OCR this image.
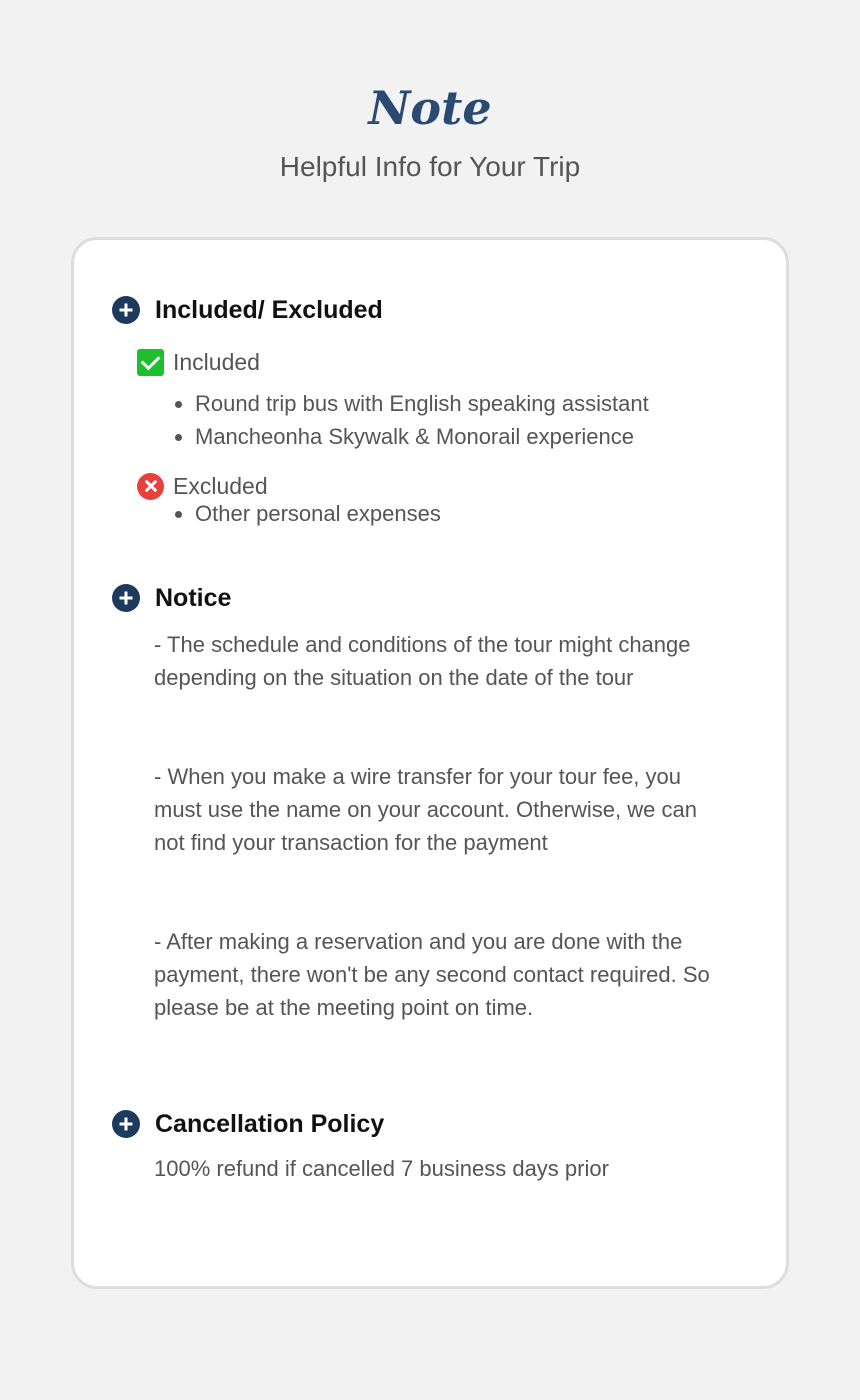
Note
Helpful Info for Your Trip
Included/ Excluded
Included
Round trip bus with English speaking assistant
Mancheonha Skywalk & Monorail experience
Excluded
Other personal expenses
Notice

- The schedule and conditions of the tour might change depending on the situation on the date of the tour

- When you make a wire transfer for your tour fee, you must use the name on your account. Otherwise, we can not find your transaction for the payment

- After making a reservation and you are done with the payment, there won't be any second contact required. So please be at the meeting point on time.

Cancellation Policy
100% refund if cancelled 7 business days prior
